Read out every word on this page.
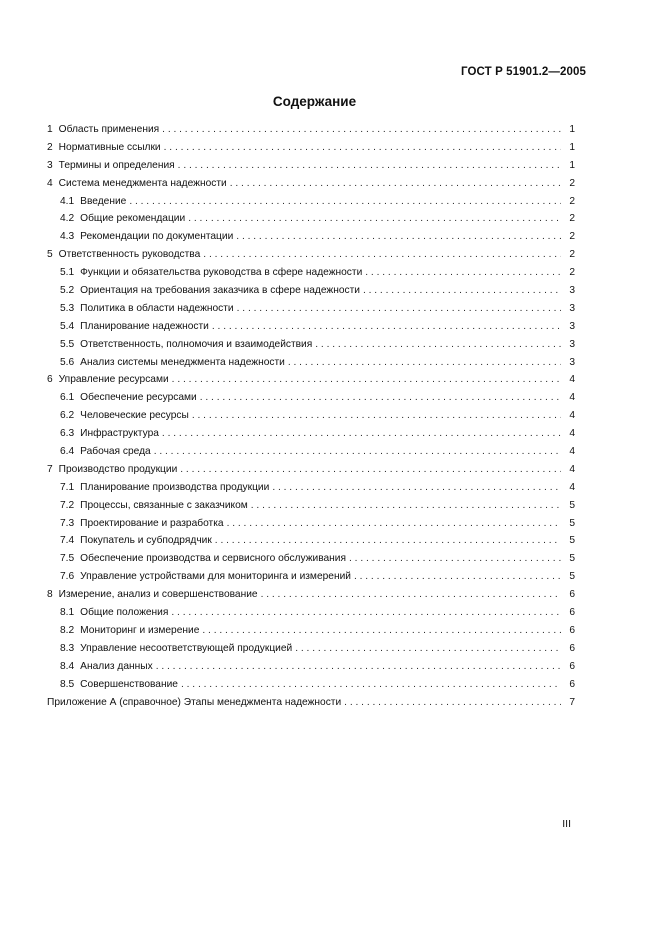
ГОСТ Р 51901.2—2005
Содержание
1 Область применения . . .	1
2 Нормативные ссылки . . .	1
3 Термины и определения . . .	1
4 Система менеджмента надежности . . .	2
4.1 Введение . . .	2
4.2 Общие рекомендации . . .	2
4.3 Рекомендации по документации . . .	2
5 Ответственность руководства . . .	2
5.1 Функции и обязательства руководства в сфере надежности . . .	2
5.2 Ориентация на требования заказчика в сфере надежности . . .	3
5.3 Политика в области надежности . . .	3
5.4 Планирование надежности . . .	3
5.5 Ответственность, полномочия и взаимодействия . . .	3
5.6 Анализ системы менеджмента надежности . . .	3
6 Управление ресурсами . . .	4
6.1 Обеспечение ресурсами . . .	4
6.2 Человеческие ресурсы . . .	4
6.3 Инфраструктура . . .	4
6.4 Рабочая среда . . .	4
7 Производство продукции . . .	4
7.1 Планирование производства продукции . . .	4
7.2 Процессы, связанные с заказчиком . . .	5
7.3 Проектирование и разработка . . .	5
7.4 Покупатель и субподрядчик . . .	5
7.5 Обеспечение производства и сервисного обслуживания . . .	5
7.6 Управление устройствами для мониторинга и измерений . . .	5
8 Измерение, анализ и совершенствование . . .	6
8.1 Общие положения . . .	6
8.2 Мониторинг и измерение . . .	6
8.3 Управление несоответствующей продукцией . . .	6
8.4 Анализ данных . . .	6
8.5 Совершенствование . . .	6
Приложение А (справочное) Этапы менеджмента надежности . . .	7
III
